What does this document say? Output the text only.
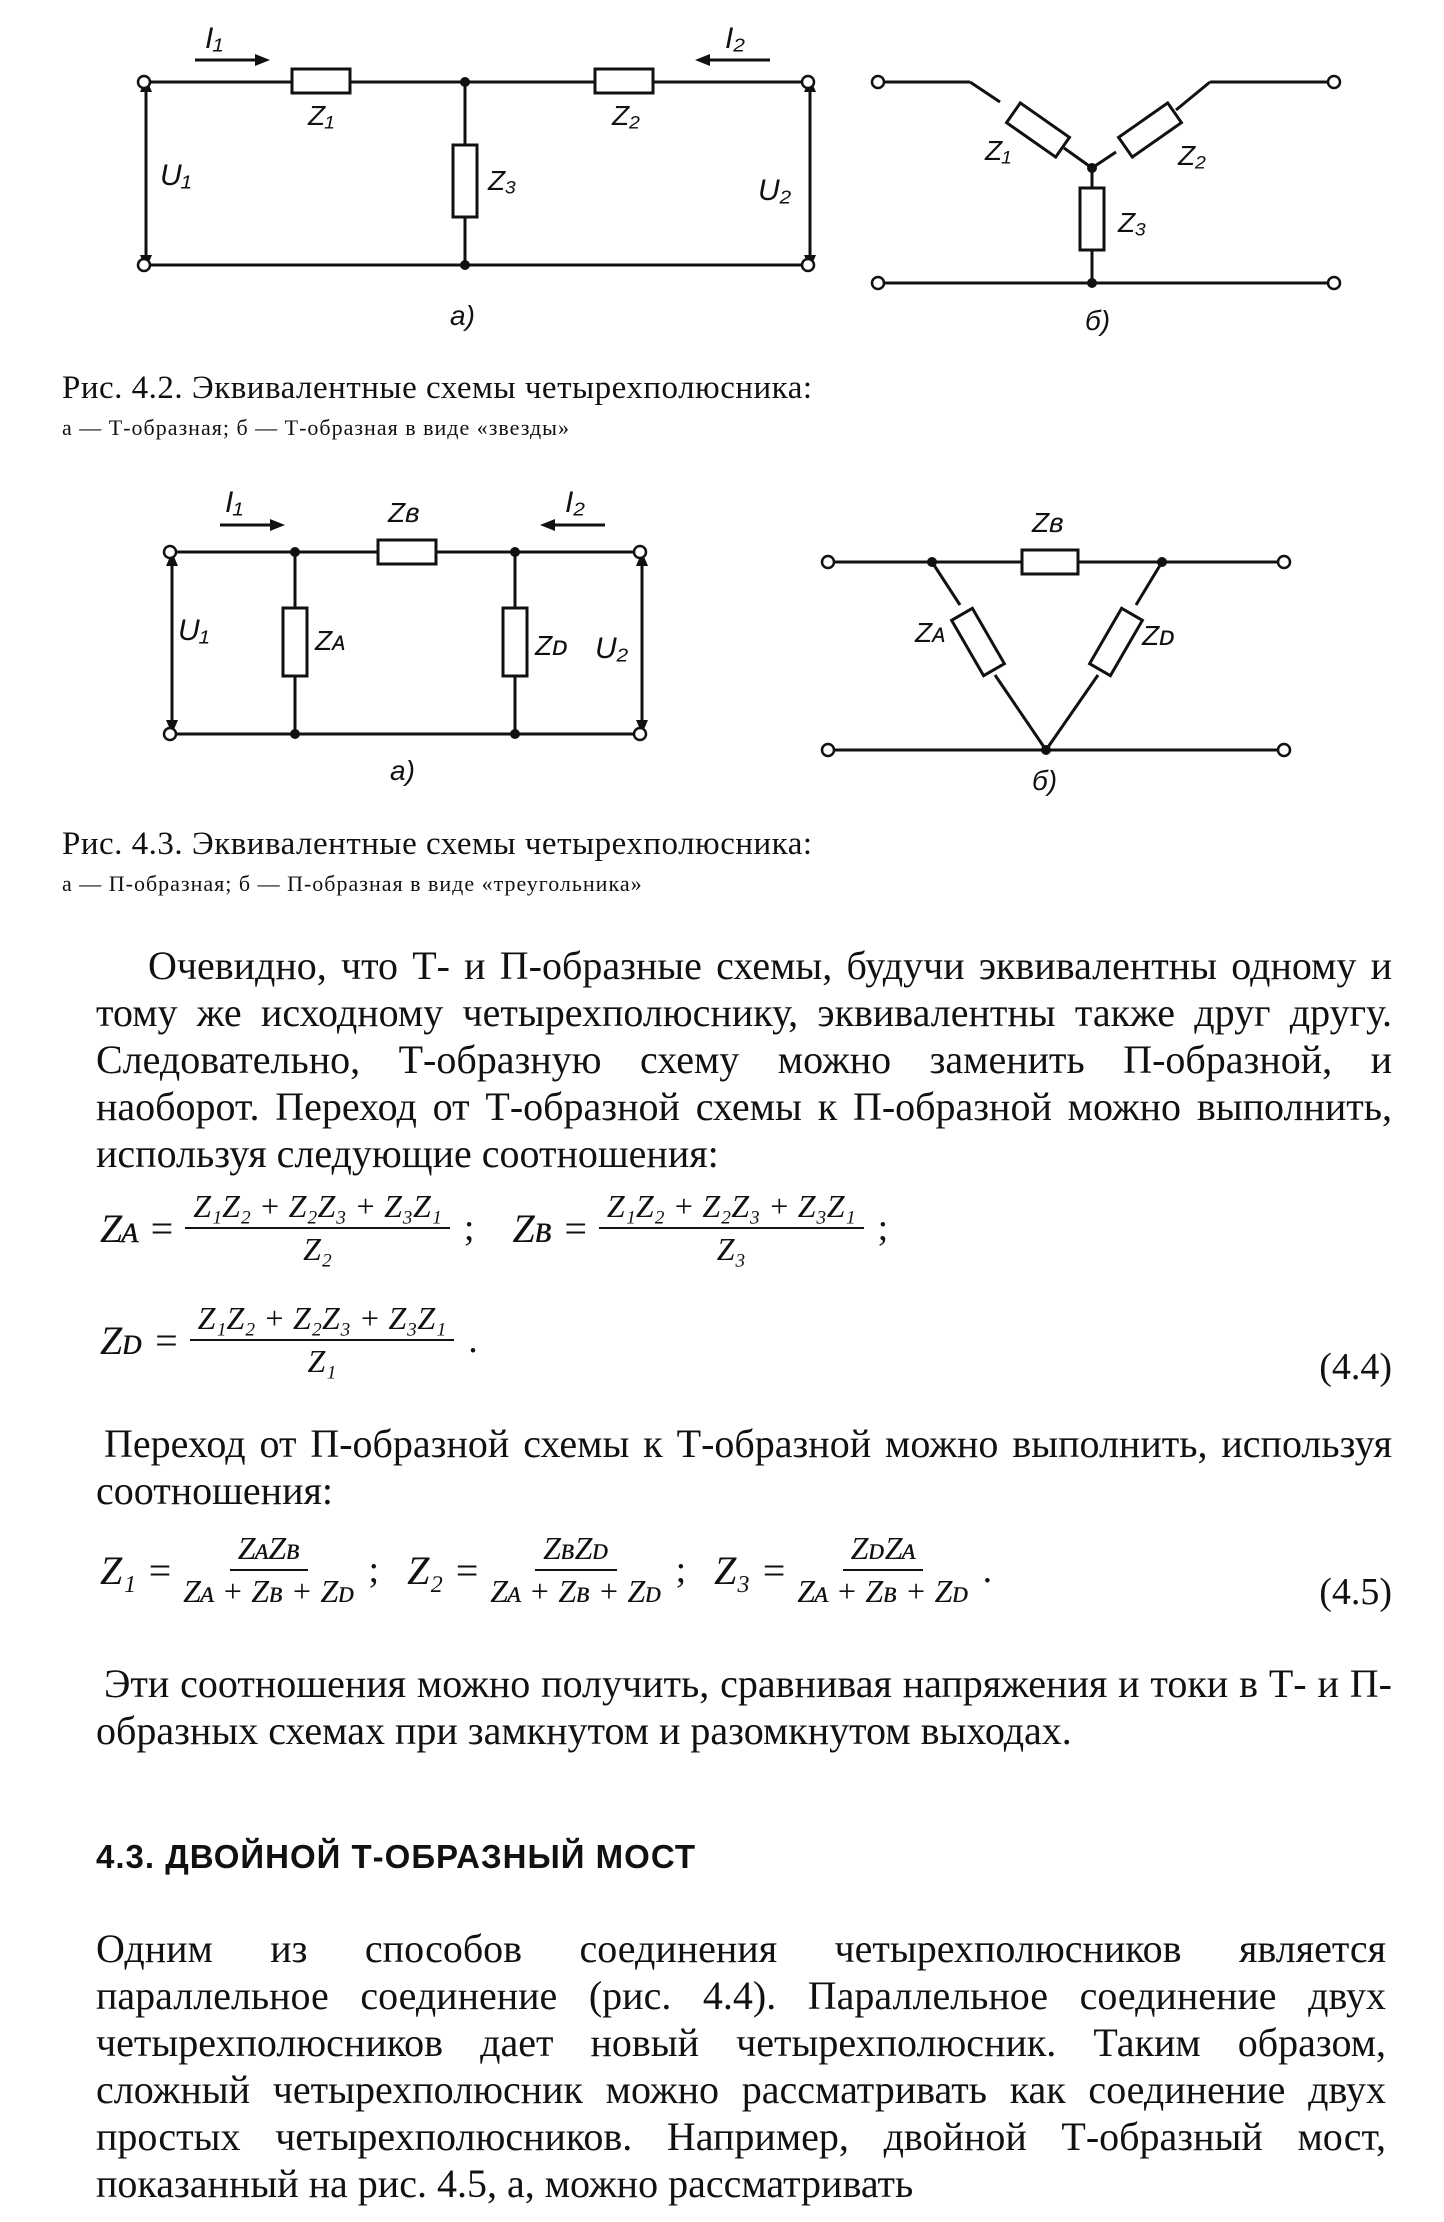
I₁	I₂
Z₁	Z₂
Z₃
U₁	U₂
а)
Z₁	Z₂
Z₃
б)
Рис. 4.2. Эквивалентные схемы четырехполюсника:
а — Т-образная; б — Т-образная в виде «звезды»
I₁	I₂
Zʙ
Zᴀ	Zᴅ
U₁
U₂
а)
Zʙ
Zᴀ	Zᴅ
б)
Рис. 4.3. Эквивалентные схемы четырехполюсника:
а — П-образная; б — П-образная в виде «треугольника»
Очевидно, что Т- и П-образные схемы, будучи эквивалентны одному и тому же исходному четырехполюснику, эквивалентны также друг другу. Следовательно, Т-образную схему можно заменить П-образной, и наоборот. Переход от Т-образной схемы к П-образной можно выполнить, используя следующие соотношения:
Zᴀ = $\frac{\text{Z₁Z₂ + Z₂Z₃ + Z₃Z₁}}{\text{Z₂}}$ ; Zʙ = $\frac{\text{Z₁Z₂ + Z₂Z₃ + Z₃Z₁}}{\text{Z₃}}$ ;
Zᴅ = $\frac{\text{Z₁Z₂ + Z₂Z₃ + Z₃Z₁}}{\text{Z₁}}$ .
(4.4)
Переход от П-образной схемы к Т-образной можно выполнить, используя соотношения:
$Z_1 = \frac{\text{ZᴀZʙ}}{\text{Zᴀ + Zʙ + Zᴅ}}$ ; $Z_2 = \frac{\text{ZʙZᴅ}}{\text{Zᴀ + Zʙ + Zᴅ}}$ ; $Z_3 = \frac{\text{ZᴅZᴀ}}{\text{Zᴀ + Zʙ + Zᴅ}}$ .
(4.5)
Эти соотношения можно получить, сравнивая напряжения и токи в Т- и П-образных схемах при замкнутом и разомкнутом выходах.
4.3. ДВОЙНОЙ Т-ОБРАЗНЫЙ МОСТ
Одним из способов соединения четырехполюсников является параллельное соединение (рис. 4.4). Параллельное соединение двух четырехполюсников дает новый четырехполюсник. Таким образом, сложный четырехполюсник можно рассматривать как соединение двух простых четырехполюсников. Например, двойной Т-образный мост, показанный на рис. 4.5, а, можно рассматривать
